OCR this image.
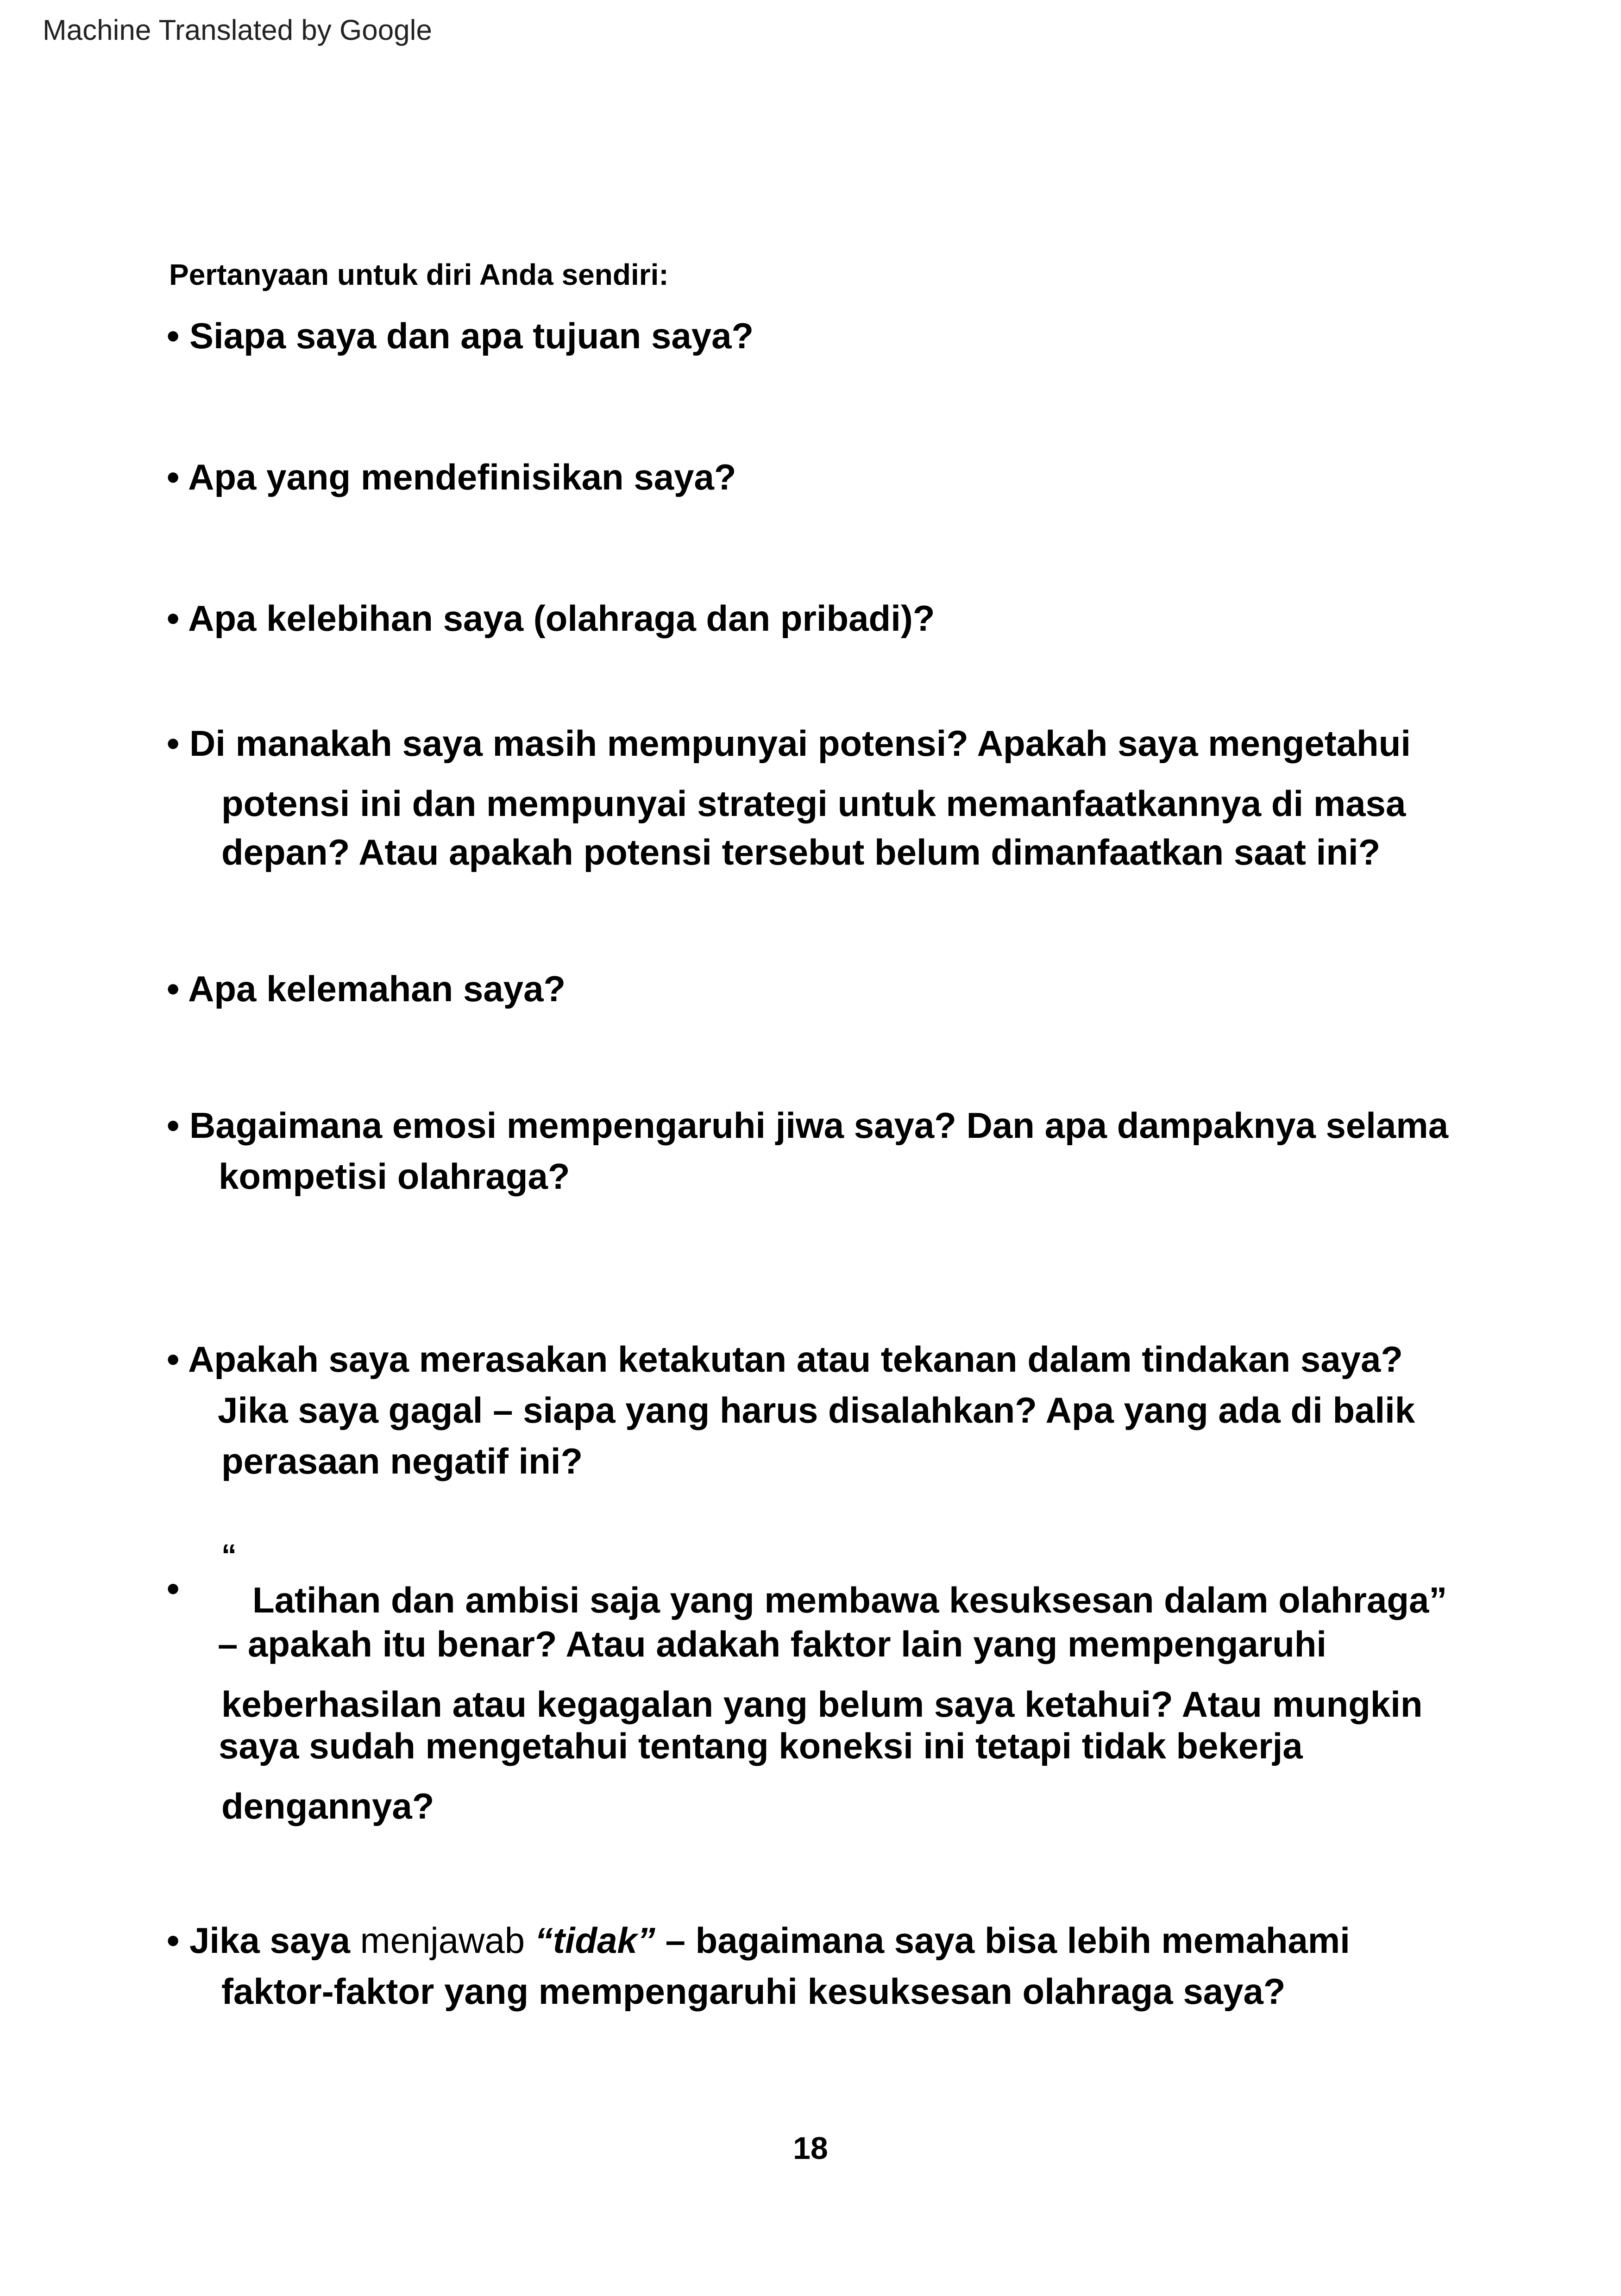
Machine Translated by Google
Pertanyaan untuk diri Anda sendiri:
• Siapa saya dan apa tujuan saya?
• Apa yang mendefinisikan saya?
• Apa kelebihan saya (olahraga dan pribadi)?
• Di manakah saya masih mempunyai potensi? Apakah saya mengetahui
potensi ini dan mempunyai strategi untuk memanfaatkannya di masa
depan? Atau apakah potensi tersebut belum dimanfaatkan saat ini?
• Apa kelemahan saya?
• Bagaimana emosi mempengaruhi jiwa saya? Dan apa dampaknya selama
kompetisi olahraga?
• Apakah saya merasakan ketakutan atau tekanan dalam tindakan saya?
Jika saya gagal – siapa yang harus disalahkan? Apa yang ada di balik
perasaan negatif ini?
“
• Latihan dan ambisi saja yang membawa kesuksesan dalam olahraga”
– apakah itu benar? Atau adakah faktor lain yang mempengaruhi
keberhasilan atau kegagalan yang belum saya ketahui? Atau mungkin
saya sudah mengetahui tentang koneksi ini tetapi tidak bekerja
dengannya?
• Jika saya menjawab “tidak” – bagaimana saya bisa lebih memahami
faktor-faktor yang mempengaruhi kesuksesan olahraga saya?
18
